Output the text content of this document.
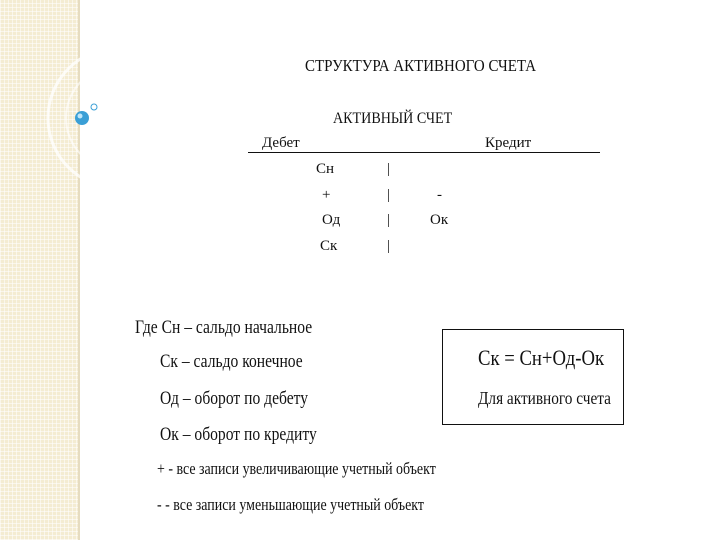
СТРУКТУРА АКТИВНОГО СЧЕТА
АКТИВНЫЙ СЧЕТ
Дебет	Кредит
Сн
+
Од
Ск
|
|
|
|
-
Ок
Где Сн – сальдо начальное
Ск – сальдо конечное
Од – оборот по дебету
Ок – оборот по кредиту
+ - все записи увеличивающие учетный объект
- - все записи уменьшающие учетный объект
Ск = Сн+Од-Ок
Для активного счета
